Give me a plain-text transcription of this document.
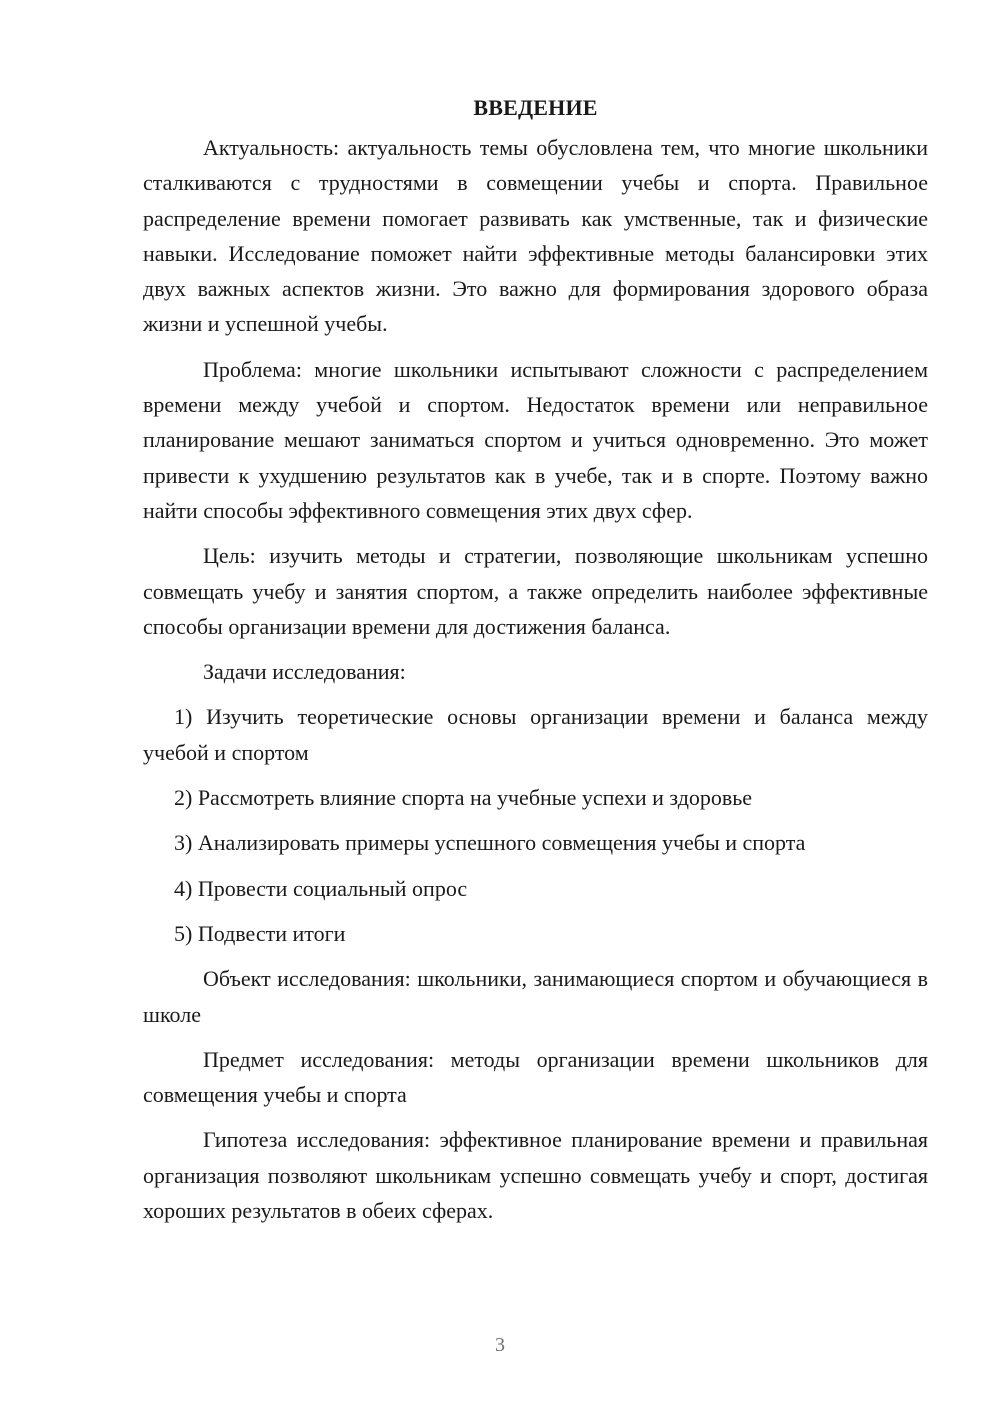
ВВЕДЕНИЕ

Актуальность: актуальность темы обусловлена тем, что многие школьники сталкиваются с трудностями в совмещении учебы и спорта. Правильное распределение времени помогает развивать как умственные, так и физические навыки. Исследование поможет найти эффективные методы балансировки этих двух важных аспектов жизни. Это важно для формирования здорового образа жизни и успешной учебы.

Проблема: многие школьники испытывают сложности с распределением времени между учебой и спортом. Недостаток времени или неправильное планирование мешают заниматься спортом и учиться одновременно. Это может привести к ухудшению результатов как в учебе, так и в спорте. Поэтому важно найти способы эффективного совмещения этих двух сфер.

Цель: изучить методы и стратегии, позволяющие школьникам успешно совмещать учебу и занятия спортом, а также определить наиболее эффективные способы организации времени для достижения баланса.

Задачи исследования:

1) Изучить теоретические основы организации времени и баланса между учебой и спортом

2) Рассмотреть влияние спорта на учебные успехи и здоровье

3) Анализировать примеры успешного совмещения учебы и спорта

4) Провести социальный опрос

5) Подвести итоги

Объект исследования: школьники, занимающиеся спортом и обучающиеся в школе

Предмет исследования: методы организации времени школьников для совмещения учебы и спорта

Гипотеза исследования: эффективное планирование времени и правильная организация позволяют школьникам успешно совмещать учебу и спорт, достигая хороших результатов в обеих сферах.

3
